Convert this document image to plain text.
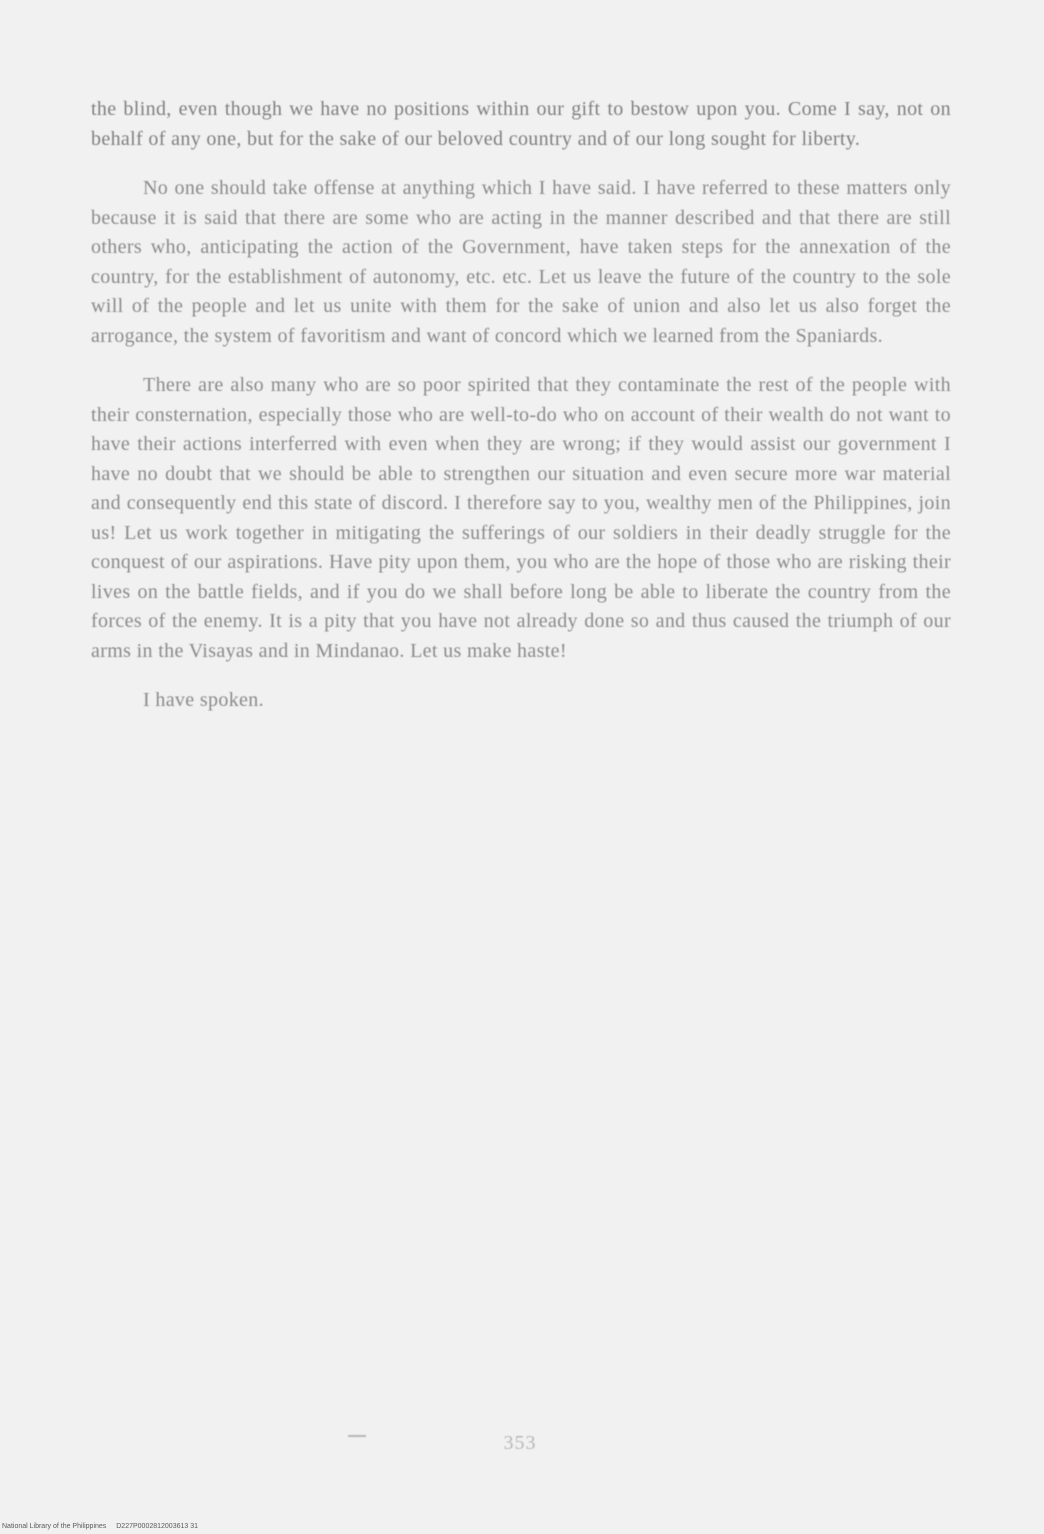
the blind, even though we have no positions within our gift to bestow upon you. Come I say, not on behalf of any one, but for the sake of our beloved country and of our long sought for liberty.

No one should take offense at anything which I have said. I have referred to these matters only because it is said that there are some who are acting in the manner described and that there are still others who, anticipating the action of the Government, have taken steps for the annexation of the country, for the establishment of autonomy, etc. etc. Let us leave the future of the country to the sole will of the people and let us unite with them for the sake of union and also let us also forget the arrogance, the system of favoritism and want of concord which we learned from the Spaniards.

There are also many who are so poor spirited that they contaminate the rest of the people with their consternation, especially those who are well-to-do who on account of their wealth do not want to have their actions interferred with even when they are wrong; if they would assist our government I have no doubt that we should be able to strengthen our situation and even secure more war material and consequently end this state of discord. I therefore say to you, wealthy men of the Philippines, join us! Let us work together in mitigating the sufferings of our soldiers in their deadly struggle for the conquest of our aspirations. Have pity upon them, you who are the hope of those who are risking their lives on the battle fields, and if you do we shall before long be able to liberate the country from the forces of the enemy. It is a pity that you have not already done so and thus caused the triumph of our arms in the Visayas and in Mindanao. Let us make haste!

I have spoken.

353
National Library of the Philippines D227P0002812003613 31
